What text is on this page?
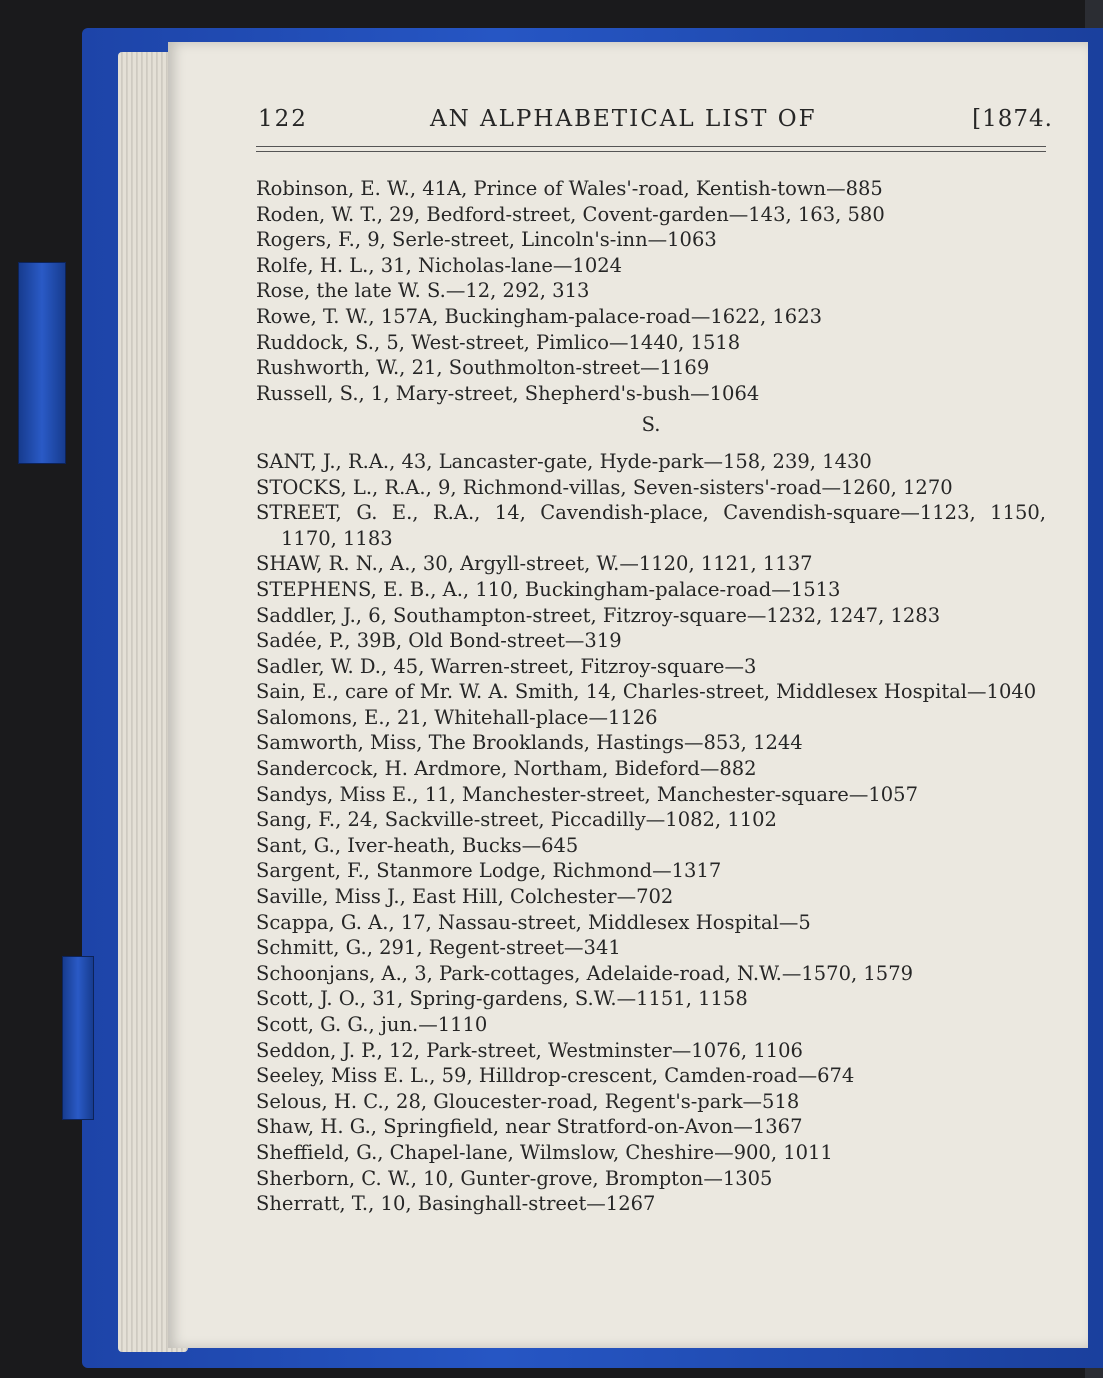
122	AN ALPHABETICAL LIST OF	[1874.

Robinson, E. W., 41A, Prince of Wales'-road, Kentish-town—885

Roden, W. T., 29, Bedford-street, Covent-garden—143, 163, 580

Rogers, F., 9, Serle-street, Lincoln's-inn—1063

Rolfe, H. L., 31, Nicholas-lane—1024

Rose, the late W. S.—12, 292, 313

Rowe, T. W., 157A, Buckingham-palace-road—1622, 1623

Ruddock, S., 5, West-street, Pimlico—1440, 1518

Rushworth, W., 21, Southmolton-street—1169

Russell, S., 1, Mary-street, Shepherd's-bush—1064

S.

SANT, J., R.A., 43, Lancaster-gate, Hyde-park—158, 239, 1430

STOCKS, L., R.A., 9, Richmond-villas, Seven-sisters'-road—1260, 1270

STREET, G. E., R.A., 14, Cavendish-place, Cavendish-square—1123, 1150, 1170, 1183

SHAW, R. N., A., 30, Argyll-street, W.—1120, 1121, 1137

STEPHENS, E. B., A., 110, Buckingham-palace-road—1513

Saddler, J., 6, Southampton-street, Fitzroy-square—1232, 1247, 1283

Sadée, P., 39B, Old Bond-street—319

Sadler, W. D., 45, Warren-street, Fitzroy-square—3

Sain, E., care of Mr. W. A. Smith, 14, Charles-street, Middlesex Hospital—1040

Salomons, E., 21, Whitehall-place—1126

Samworth, Miss, The Brooklands, Hastings—853, 1244

Sandercock, H. Ardmore, Northam, Bideford—882

Sandys, Miss E., 11, Manchester-street, Manchester-square—1057

Sang, F., 24, Sackville-street, Piccadilly—1082, 1102

Sant, G., Iver-heath, Bucks—645

Sargent, F., Stanmore Lodge, Richmond—1317

Saville, Miss J., East Hill, Colchester—702

Scappa, G. A., 17, Nassau-street, Middlesex Hospital—5

Schmitt, G., 291, Regent-street—341

Schoonjans, A., 3, Park-cottages, Adelaide-road, N.W.—1570, 1579

Scott, J. O., 31, Spring-gardens, S.W.—1151, 1158

Scott, G. G., jun.—1110

Seddon, J. P., 12, Park-street, Westminster—1076, 1106

Seeley, Miss E. L., 59, Hilldrop-crescent, Camden-road—674

Selous, H. C., 28, Gloucester-road, Regent's-park—518

Shaw, H. G., Springfield, near Stratford-on-Avon—1367

Sheffield, G., Chapel-lane, Wilmslow, Cheshire—900, 1011

Sherborn, C. W., 10, Gunter-grove, Brompton—1305

Sherratt, T., 10, Basinghall-street—1267
